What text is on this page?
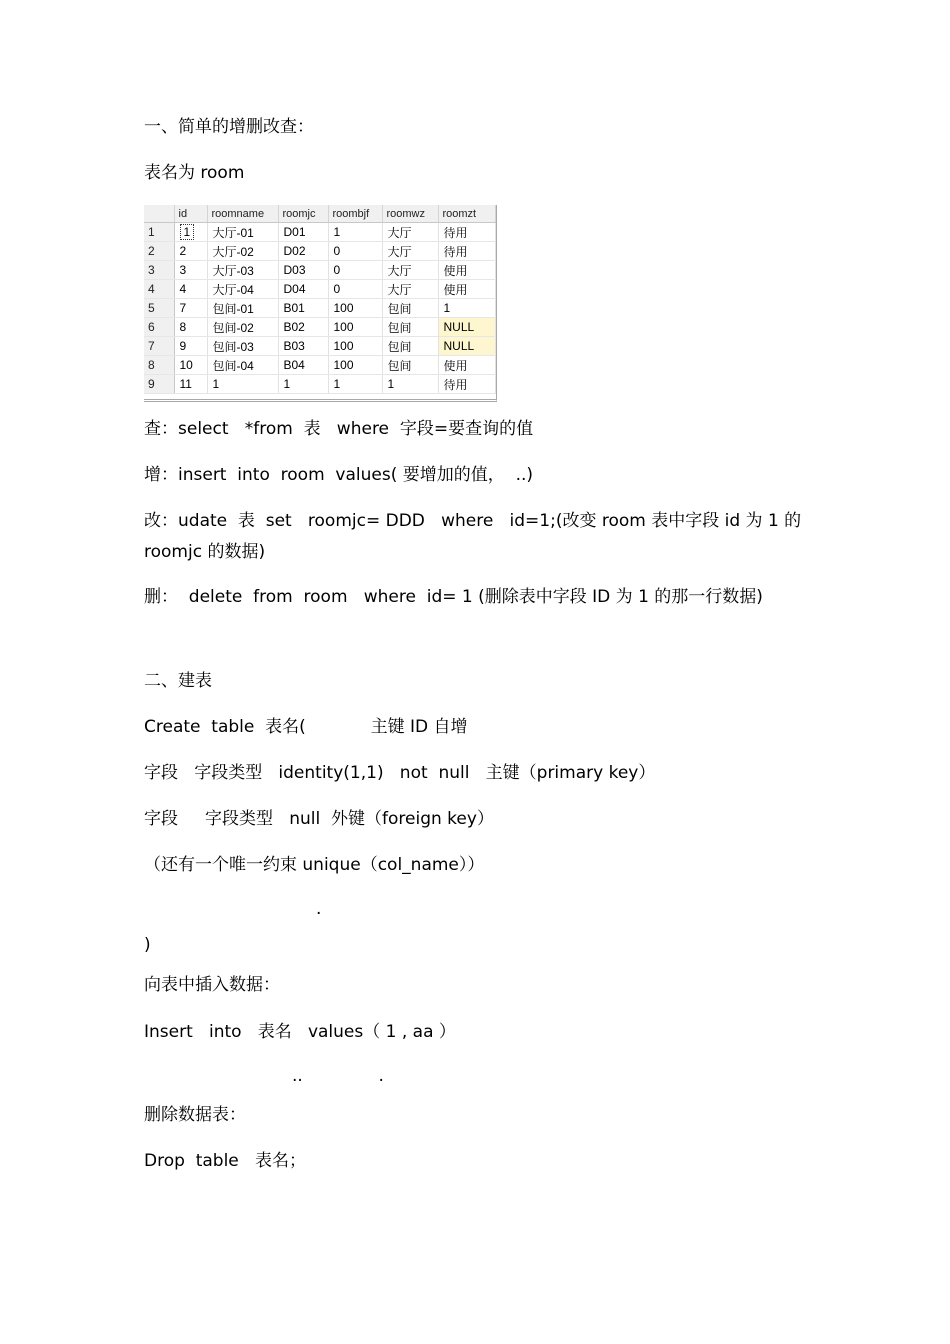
一、简单的增删改查：
表名为 room
	id	roomname	roomjc	roombjf	roomwz	roomzt
1	1	大厅-01	D01	1	大厅	待用
2	2	大厅-02	D02	0	大厅	待用
3	3	大厅-03	D03	0	大厅	使用
4	4	大厅-04	D04	0	大厅	使用
5	7	包间-01	B01	100	包间	1
6	8	包间-02	B02	100	包间	NULL
7	9	包间-03	B03	100	包间	NULL
8	10	包间-04	B04	100	包间	使用
9	11	1	1	1	1	待用
查：select   *from  表   where  字段=要查询的值
增：insert  into  room  values( 要增加的值，  ..)
改：udate  表  set   roomjc= DDD   where   id=1;(改变 room 表中字段 id 为 1 的
roomjc 的数据)
删：  delete  from  room   where  id= 1 (删除表中字段 ID 为 1 的那一行数据)
二、建表
Create  table  表名(            主键 ID 自增
字段   字段类型   identity(1,1)   not  null   主键（primary key）
字段     字段类型   null  外键（foreign key）
（还有一个唯一约束 unique（col_name））
.
)
向表中插入数据：
Insert   into   表名   values（ 1 , aa ）
..              .
删除数据表：
Drop  table   表名；
